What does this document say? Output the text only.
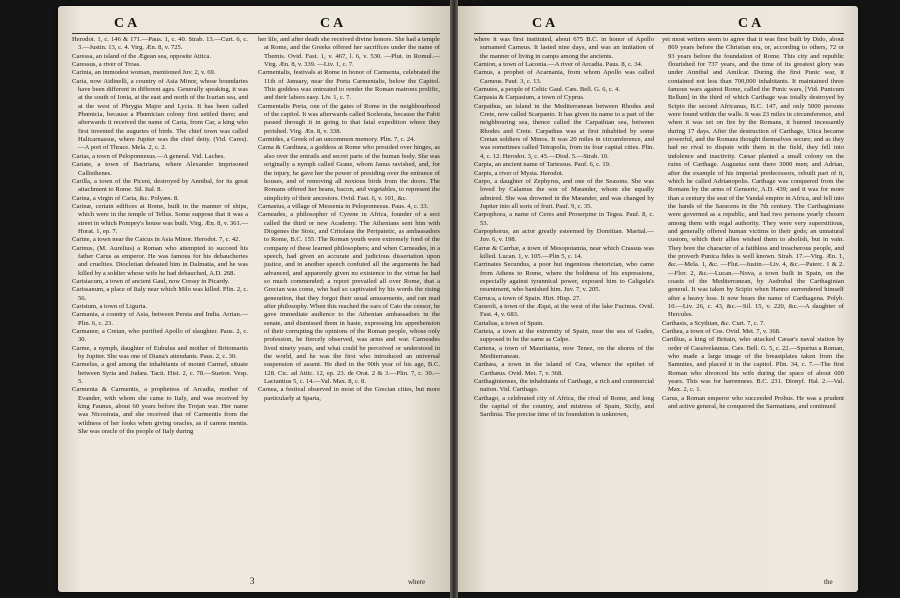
CA	CA

Herodot. 1, c. 146 & 171.—Paus. 1, c. 40. Strab. 13.—Curt. 6, c. 3.—Justin. 13, c. 4. Virg. Æn. 8, v. 725.

Caressa, an island of the Ægean sea, opposite Attica.

Caressus, a river of Troas.

Carinia, an immodest woman, mentioned Juv. 2, v. 69.

Caria, now Aidinelli, a country of Asia Minor, whose boundaries have been different in different ages. Generally speaking, it was at the south of Ionia, at the east and north of the Icarian sea, and at the west of Phrygia Major and Lycia. It has been called Phœnicia, because a Phœnician colony first settled there; and afterwards it received the name of Caria, from Car, a king who first invented the auguries of birds. The chief town was called Halicarnassus, where Jupiter was the chief deity. (Vid. Cares).—A port of Thrace. Mela. 2, c. 2.

Carias, a town of Peloponnesus.—A general. Vid. Laches.

Cariate, a town of Bactriana, where Alexander imprisoned Callisthenes.

Carilla, a town of the Piceni, destroyed by Annibal, for its great attachment to Rome. Sil. Ital. 8.

Carina, a virgin of Caria, &c. Polyæn. 8.

Carinæ, certain edifices at Rome, built in the manner of ships, which were in the temple of Tellus. Some suppose that it was a street in which Pompey's house was built. Virg. Æn. 8, v. 361.—Horat. 1, ep. 7.

Carine, a town near the Caicus in Asia Minor. Herodot. 7, c. 42.

Carinus, (M. Aurelius) a Roman who attempted to succeed his father Carus as emperor. He was famous for his debaucheries and cruelties. Diocletian defeated him in Dalmatia, and he was killed by a soldier whose wife he had debauched, A.D. 268.

Carisiacum, a town of ancient Gaul, now Cressy in Picardy.

Carissanum, a place of Italy near which Milo was killed. Plin. 2, c. 56.

Caristum, a town of Liguria.

Carmania, a country of Asia, between Persia and India. Arrian.—Plin. 6, c. 23.

Carmanor, a Cretan, who purified Apollo of slaughter. Paus. 2, c. 30.

Carme, a nymph, daughter of Eubulus and mother of Britomartis by Jupiter. She was one of Diana's attendants. Paus. 2, c. 30.

Carmelus, a god among the inhabitants of mount Carmel, situate between Syria and Judæa. Tacit. Hist. 2, c. 78.—Sueton. Vesp. 5.

Carmenta & Carmentis, a prophetess of Arcadia, mother of Evander, with whom she came to Italy, and was received by king Faunus, about 60 years before the Trojan war. Her name was Nicostrata, and she received that of Carmentis from the wildness of her looks when giving oracles, as if carens mentis. She was oracle of the people of Italy during

her life, and after death she received divine honors. She had a temple at Rome, and the Greeks offered her sacrifices under the name of Themis. Ovid. Fast. 1, v. 467, l. 6, v. 530. —Plut. in Romul.—Virg. Æn. 8, v. 339. —Liv. 1, c. 7.

Carmentalis, festivals at Rome in honor of Carmenta, celebrated the 11th of January, near the Porta Carmentalis, below the Capitol. This goddess was entreated to render the Roman matrons prolific, and their labors easy. Liv. 1, c. 7.

Carmentalis Porta, one of the gates of Rome in the neighbourhood of the capitol. It was afterwards called Scelerata, because the Fabii passed through it in going to that fatal expedition where they perished. Virg. Æn. 8, v. 338.

Carmides, a Greek of an uncommon memory. Plin. 7, c. 24.

Carna & Cardinea, a goddess at Rome who presided over hinges, as also over the entrails and secret parts of the human body. She was originally a nymph called Grane, whom Janus ravished, and, for the injury, he gave her the power of presiding over the entrance of houses, and of removing all noxious birds from the doors. The Romans offered her beans, bacon, and vegetables, to represent the simplicity of their ancestors. Ovid. Fast. 6, v. 101, &c.

Carnasius, a village of Messenia in Peloponnesus. Paus. 4, c. 33.

Carneades, a philosopher of Cyrene in Africa, founder of a sect called the third or new Academy. The Athenians sent him with Diogenes the Stoic, and Critolaus the Peripatetic, as ambassadors to Rome, B.C. 155. The Roman youth were extremely fond of the company of these learned philosophers; and when Carneades, in a speech, had given an accurate and judicious dissertation upon justice, and in another speech confuted all the arguments he had advanced, and apparently given no existence to the virtue he had so much commended; a report prevailed all over Rome, that a Grecian was come, who had so captivated by his words the rising generation, that they forgot their usual amusements, and ran mad after philosophy. When this reached the ears of Cato the censor, he gave immediate audience to the Athenian ambassadors in the senate, and dismissed them in haste, expressing his apprehension of their corrupting the opinions of the Roman people, whose only profession, he fiercely observed, was arms and war. Carneades lived ninety years, and what could be perceived or understood in the world, and he was the first who introduced an universal suspension of assent. He died in the 90th year of his age, B.C. 128. Cic. ad Attic. 12, ep. 23. de Orat. 2 & 3.—Plin. 7, c. 30.—Lactantius 5, c. 14.—Val. Max. 8, c. 8.

Carnea, a festival observed in most of the Grecian cities, but more particularly at Sparta,

3	where
CA	CA

where it was first instituted, about 675 B.C. in honor of Apollo surnamed Carneus. It lasted nine days, and was an imitation of the manner of living in camps among the ancients.

Carnion, a town of Laconia.—A river of Arcadia. Paus. 8, c. 34.

Carnus, a prophet of Acarnania, from whom Apollo was called Carneus. Pauf. 3, c. 13.

Carnutes, a people of Celtic Gaul. Cæs. Bell. G. 6, c. 4.

Carpasia & Carpasium, a town of Cyprus.

Carpathus, an island in the Mediterranean between Rhodes and Crete, now called Scarpanto. It has given its name to a part of the neighbouring sea, thence called the Carpathian sea, between Rhodes and Crete. Carpathus was at first inhabited by some Cretan soldiers of Minos. It was 20 miles in circumference, and was sometimes called Tetrapolis, from its four capital cities. Plin. 4, c. 12. Herodot. 3, c. 45.—Diod. 5.—Strab. 10.

Carpia, an ancient name of Tartessus. Pauf. 6, c. 19.

Carpis, a river of Mysia. Herodot.

Carpo, a daughter of Zephyrus, and one of the Seasons. She was loved by Calamus the son of Mæander, whom she equally admired. She was drowned in the Mæander, and was changed by Jupiter into all sorts of fruit. Pauf. 9, c. 35.

Carpophora, a name of Ceres and Proserpine in Tegea. Pauf. 8, c. 53.

Carpophorus, an actor greatly esteemed by Domitian. Martial.—Juv. 6, v. 198.

Carræ & Carrhæ, a town of Mesopotamia, near which Crassus was killed. Lucan. 1, v. 105.—Plin 5, c. 14.

Carrinates Secundus, a poor but ingenious rhetorician, who came from Athens to Rome, where the boldness of his expressions, especially against tyrannical power, exposed him to Caligula's resentment, who banished him. Juv. 7, v. 205.

Carruca, a town of Spain. Hirt. Hisp. 27.

Carseoli, a town of the Æqui, at the west of the lake Fucinus. Ovid. Fast. 4, v. 683.

Cartalias, a town of Spain.

Carteia, a town at the extremity of Spain, near the sea of Gades, supposed to be the same as Calpe.

Cartena, a town of Mauritania, now Tenez, on the shores of the Mediterranean.

Carthæa, a town in the island of Cea, whence the epithet of Carthæus. Ovid. Met. 7, v. 368.

Carthaginienses, the inhabitants of Carthage, a rich and commercial nation. Vid. Carthago.

Carthago, a celebrated city of Africa, the rival of Rome, and long the capital of the country, and mistress of Spain, Sicily, and Sardinia. The precise time of its foundation is unknown,

yet most writers seem to agree that it was first built by Dido, about 869 years before the Christian era, or, according to others, 72 or 93 years before the foundation of Rome. This city and republic flourished for 737 years, and the time of its greatest glory was under Annibal and Amilcar. During the first Punic war, it contained not less than 700,000 inhabitants. It maintained three famous wars against Rome, called the Punic wars, [Vid. Punicum Bellum] in the third of which Carthage was totally destroyed by Scipio the second Africanus, B.C. 147, and only 5000 persons were found within the walls. It was 23 miles in circumference, and when it was set on fire by the Romans, it burned incessantly during 17 days. After the destruction of Carthage, Utica became powerful, and the Romans thought themselves secure; and as they had no rival to dispute with them in the field, they fell into indolence and inactivity. Cæsar planted a small colony on the ruins of Carthage. Augustus sent there 3000 men; and Adrian, after the example of his imperial predecessors, rebuilt part of it, which he called Adrianopolis. Carthage was conquered from the Romans by the arms of Genseric, A.D. 439; and it was for more than a century the seat of the Vandal empire in Africa, and fell into the hands of the Saracens in the 7th century. The Carthaginians were governed as a republic, and had two persons yearly chosen among them with regal authority. They were very superstitious, and generally offered human victims to their gods; an unnatural custom, which their allies wished them to abolish, but in vain. They bore the character of a faithless and treacherous people, and the proverb Punica fides is well known. Strab. 17.—Virg. Æn. 1, &c.—Mela. 1, &c. —Flut.—Justin.—Liv. 4, &c.—Paterc. 1 & 2.—Flor. 2, &c.—Lucan.—Nova, a town built in Spain, on the coasts of the Mediterranean, by Asdrubal the Carthaginian general. It was taken by Scipio when Hanno surrendered himself after a heavy loss. It now bears the name of Carthagena. Polyb. 10.—Liv. 26, c. 43, &c.—Sil. 15, v. 220, &c.—A daughter of Hercules.

Carthasis, a Scythian, &c. Curt. 7, c. 7.

Carthea, a town of Cos. Ovid. Met. 7, v. 368.

Cartilius, a king of Britain, who attacked Cæsar's naval station by order of Cassivelaunus. Cæs. Bell. G. 5, c. 22.—Spurius a Roman, who made a large image of the breastplates taken from the Samnites, and placed it in the capitol. Plin. 34, c. 7.—The first Roman who divorced his wife during the space of about 600 years. This was for barrenness. B.C. 231. Dionyf. Hal. 2.—Val. Max. 2, c. 1.

Carus, a Roman emperor who succeeded Probus. He was a prudent and active general, he conquered the Sarmatians, and continued

the
